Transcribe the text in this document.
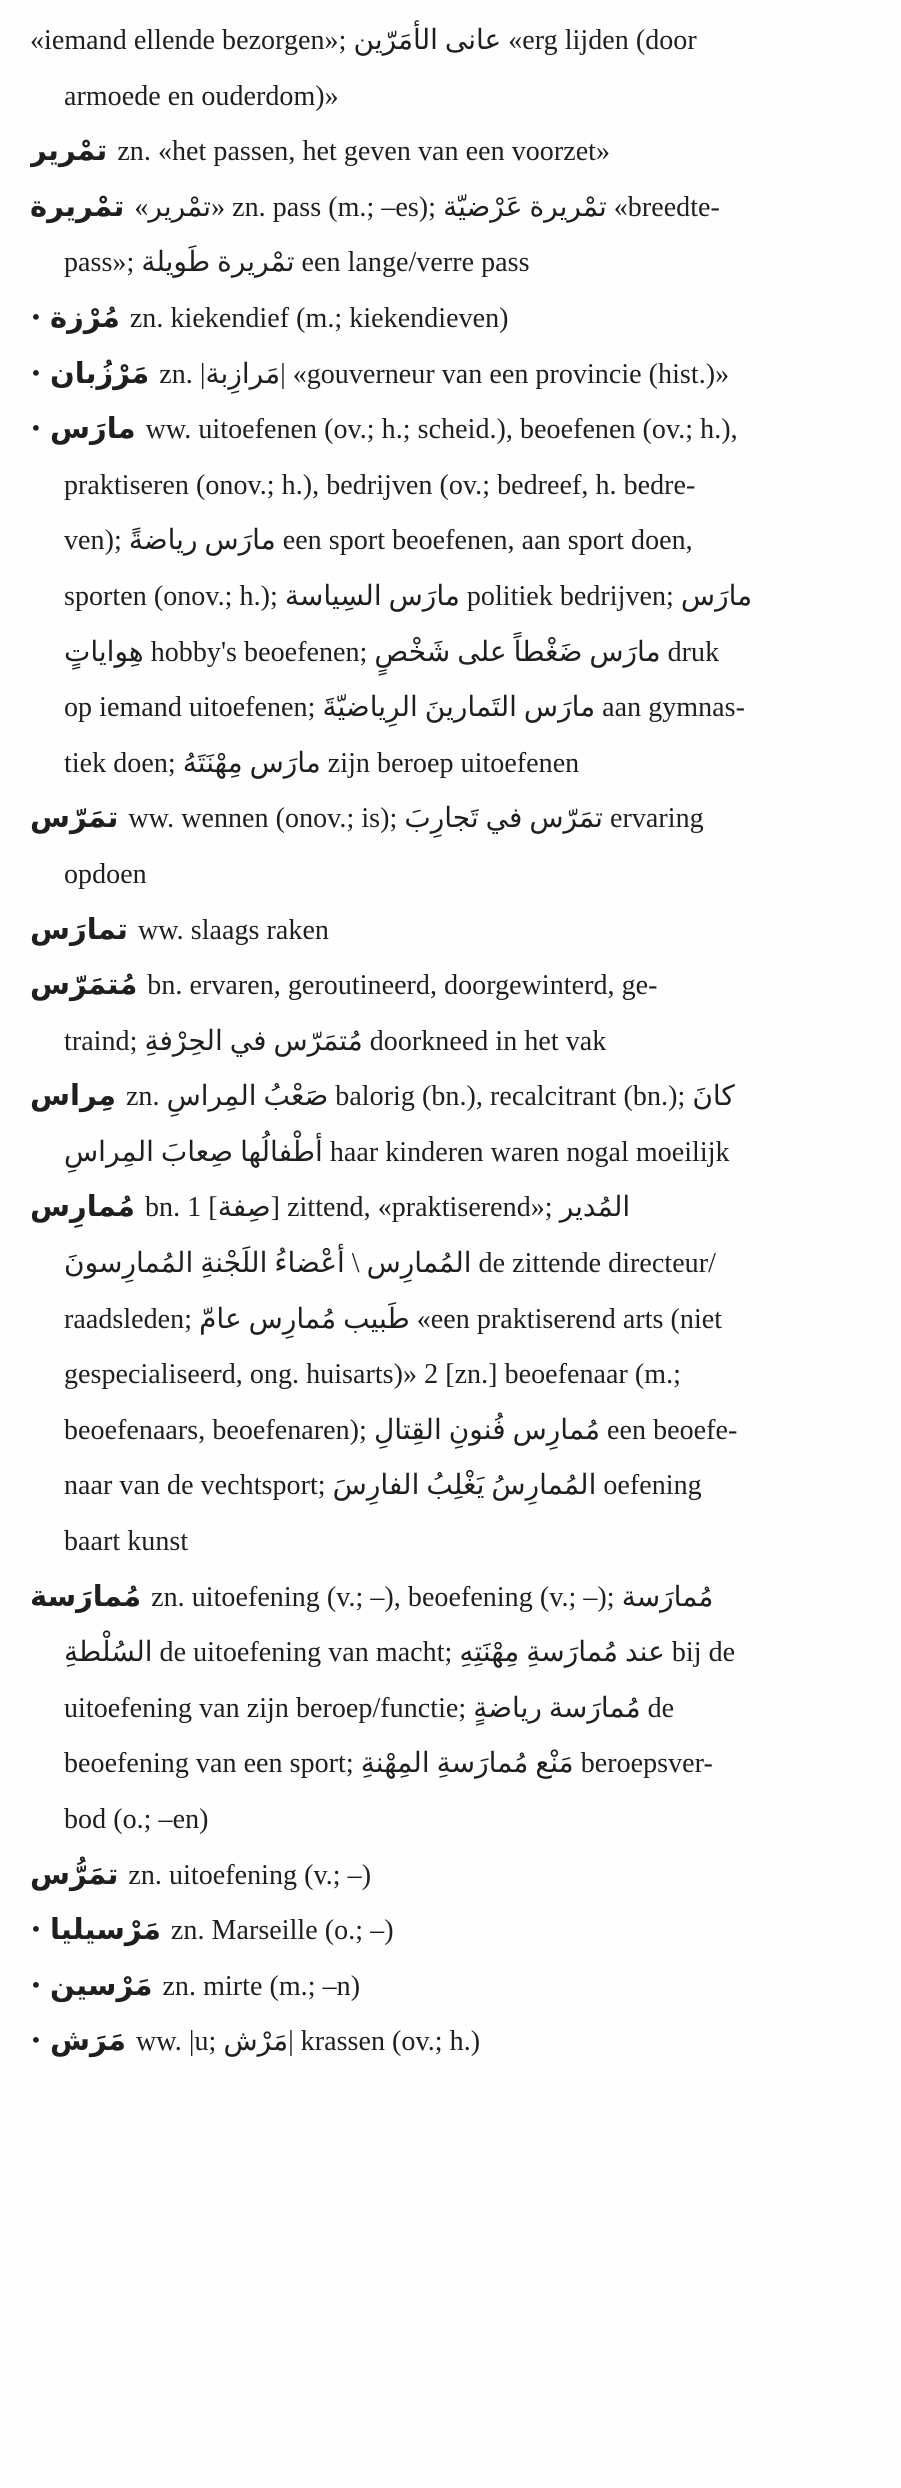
«iemand ellende bezorgen»; عانى الأمَرّين «erg lijden (door
armoede en ouderdom)»
تمْرير zn. «het passen, het geven van een voorzet»
تمْريرة «تمْرير» zn. pass (m.; –es); تمْريرة عَرْضيّة «breedte-
pass»; تمْريرة طَويلة een lange/verre pass
• مُرْزة zn. kiekendief (m.; kiekendieven)
• مَرْزُبان zn. |مَرازِبة| «gouverneur van een provincie (hist.)»
• مارَس ww. uitoefenen (ov.; h.; scheid.), beoefenen (ov.; h.),
praktiseren (onov.; h.), bedrijven (ov.; bedreef, h. bedre-
ven); مارَس رياضةً een sport beoefenen, aan sport doen,
sporten (onov.; h.); مارَس السِياسة politiek bedrijven; مارَس
هِواياتٍ hobby's beoefenen; مارَس ضَغْطاً على شَخْصٍ druk
op iemand uitoefenen; مارَس التَمارينَ الرِياضيّةَ aan gymnas-
tiek doen; مارَس مِهْنَتَهُ zijn beroep uitoefenen
تمَرّس ww. wennen (onov.; is); تمَرّس في تَجارِبَ ervaring
opdoen
تمارَس ww. slaags raken
مُتمَرّس bn. ervaren, geroutineerd, doorgewinterd, ge-
traind; مُتمَرّس في الحِرْفةِ doorkneed in het vak
مِراس zn. صَعْبُ المِراسِ balorig (bn.), recalcitrant (bn.); كانَ
أطْفالُها صِعابَ المِراسِ haar kinderen waren nogal moeilijk
مُمارِس bn. 1 [صِفة] zittend, «praktiserend»; المُدير
المُمارِس \ أعْضاءُ اللَجْنةِ المُمارِسونَ de zittende directeur/
raadsleden; طَبيب مُمارِس عامّ «een praktiserend arts (niet
gespecialiseerd, ong. huisarts)» 2 [zn.] beoefenaar (m.;
beoefenaars, beoefenaren); مُمارِس فُنونِ القِتالِ een beoefe-
naar van de vechtsport; المُمارِسُ يَغْلِبُ الفارِسَ oefening
baart kunst
مُمارَسة zn. uitoefening (v.; –), beoefening (v.; –); مُمارَسة
السُلْطةِ de uitoefening van macht; عند مُمارَسةِ مِهْنَتِهِ bij de
uitoefening van zijn beroep/functie; مُمارَسة رياضةٍ de
beoefening van een sport; مَنْع مُمارَسةِ المِهْنةِ beroepsver-
bod (o.; –en)
تمَرُّس zn. uitoefening (v.; –)
• مَرْسيليا zn. Marseille (o.; –)
• مَرْسين zn. mirte (m.; –n)
• مَرَش ww. |u; مَرْش| krassen (ov.; h.)
